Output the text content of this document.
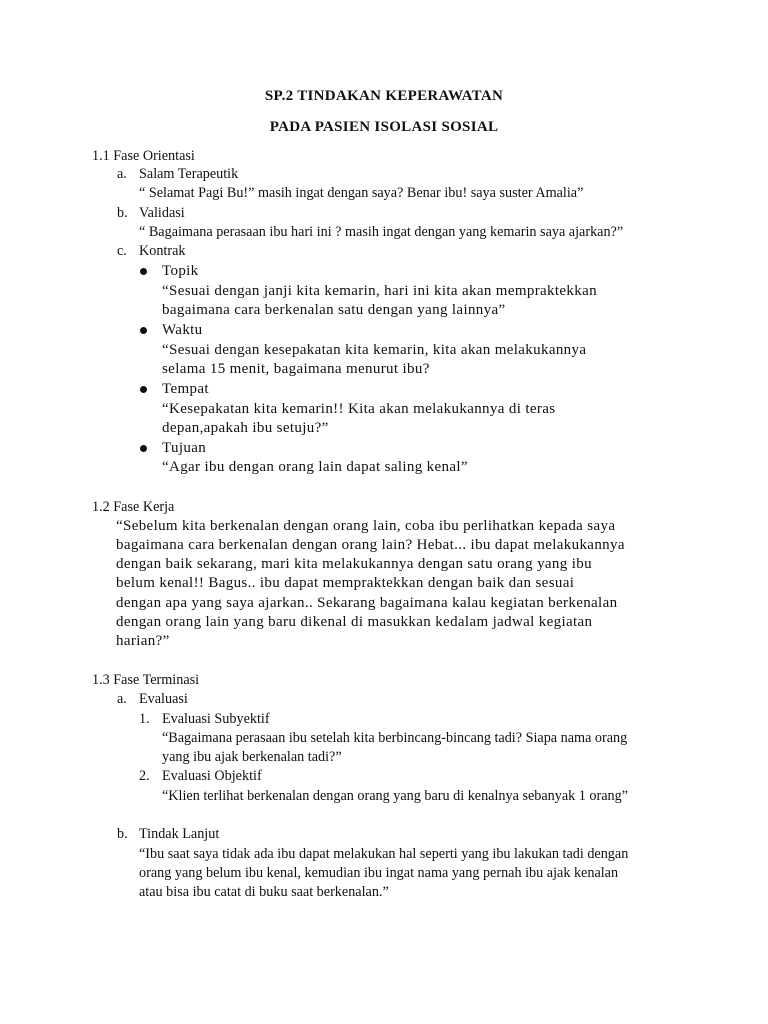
SP.2 TINDAKAN KEPERAWATAN
PADA PASIEN ISOLASI SOSIAL
1.1 Fase Orientasi
a. Salam Terapeutik
“ Selamat Pagi Bu!” masih ingat dengan saya? Benar ibu! saya suster Amalia”
b. Validasi
“ Bagaimana perasaan ibu hari ini ? masih ingat dengan yang kemarin saya ajarkan?”
c. Kontrak
Topik
“Sesuai dengan janji kita kemarin, hari ini kita akan mempraktekkan
bagaimana cara berkenalan satu dengan yang lainnya”
Waktu
“Sesuai dengan kesepakatan kita kemarin, kita akan melakukannya
selama 15 menit, bagaimana menurut ibu?
Tempat
“Kesepakatan kita kemarin!! Kita akan melakukannya di teras
depan,apakah ibu setuju?”
Tujuan
“Agar ibu dengan orang lain dapat saling kenal”
1.2 Fase Kerja
“Sebelum kita berkenalan dengan orang lain, coba ibu perlihatkan kepada saya
bagaimana cara berkenalan dengan orang lain? Hebat... ibu dapat melakukannya
dengan baik sekarang, mari kita melakukannya dengan satu orang yang ibu
belum kenal!! Bagus.. ibu dapat mempraktekkan dengan baik dan sesuai
dengan apa yang saya ajarkan.. Sekarang bagaimana kalau kegiatan berkenalan
dengan orang lain yang baru dikenal di masukkan kedalam jadwal kegiatan
harian?”
1.3 Fase Terminasi
a. Evaluasi
1. Evaluasi Subyektif
“Bagaimana perasaan ibu setelah kita berbincang-bincang tadi? Siapa nama orang
yang ibu ajak berkenalan tadi?”
2. Evaluasi Objektif
“Klien terlihat berkenalan dengan orang yang baru di kenalnya sebanyak 1 orang”
b. Tindak Lanjut
“Ibu saat saya tidak ada ibu dapat melakukan hal seperti yang ibu lakukan tadi dengan
orang yang belum ibu kenal, kemudian ibu ingat nama yang pernah ibu ajak kenalan
atau bisa ibu catat di buku saat berkenalan.”
